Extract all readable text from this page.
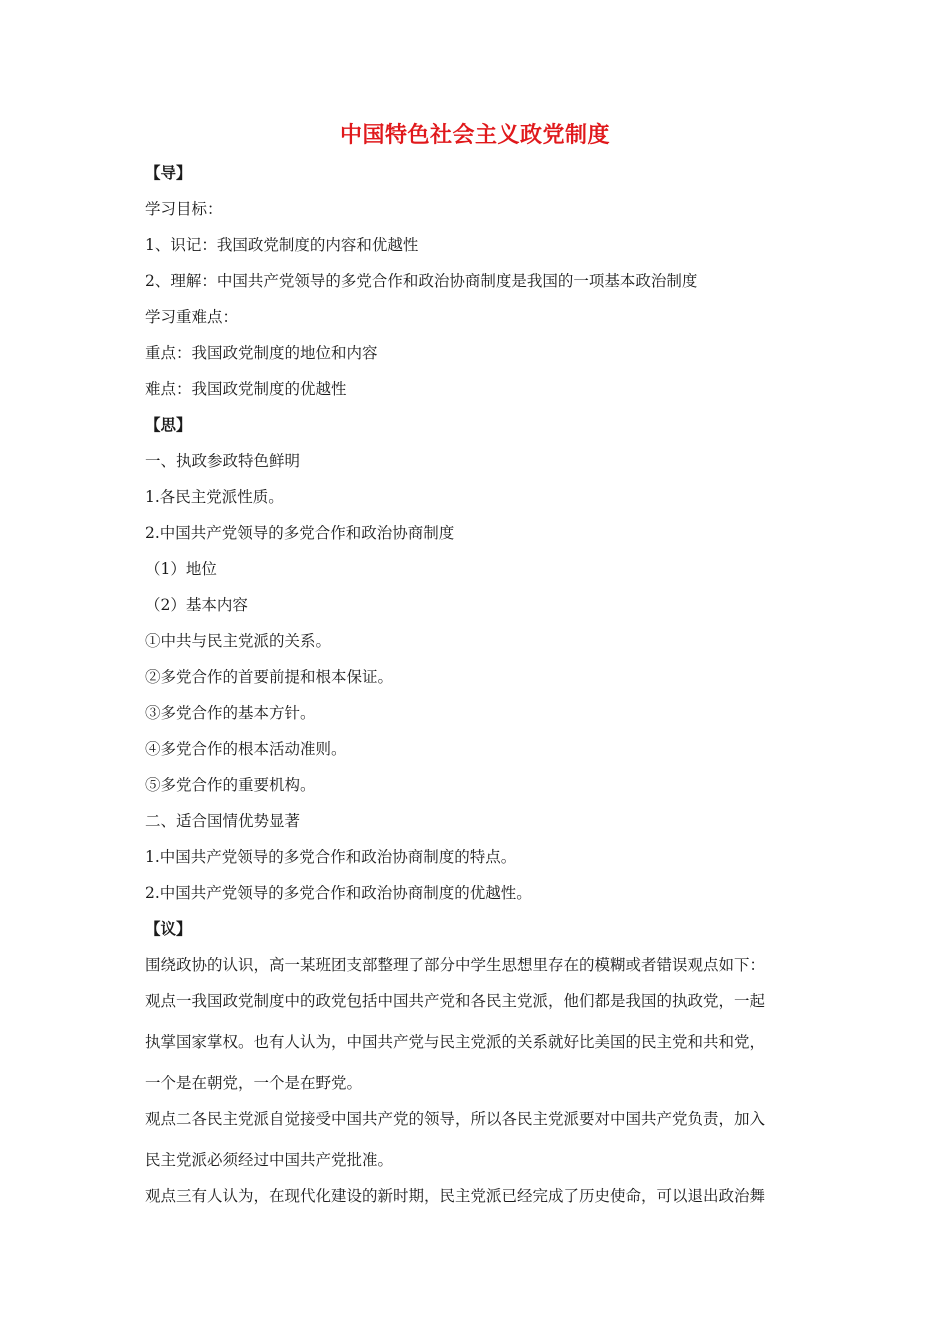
中国特色社会主义政党制度
【导】
学习目标：
1、识记：我国政党制度的内容和优越性
2、理解：中国共产党领导的多党合作和政治协商制度是我国的一项基本政治制度
学习重难点：
重点：我国政党制度的地位和内容
难点：我国政党制度的优越性
【思】
一、执政参政特色鲜明
1.各民主党派性质。
2.中国共产党领导的多党合作和政治协商制度
（1）地位
（2）基本内容
①中共与民主党派的关系。
②多党合作的首要前提和根本保证。
③多党合作的基本方针。
④多党合作的根本活动准则。
⑤多党合作的重要机构。
二、适合国情优势显著
1.中国共产党领导的多党合作和政治协商制度的特点。
2.中国共产党领导的多党合作和政治协商制度的优越性。
【议】
围绕政协的认识，高一某班团支部整理了部分中学生思想里存在的模糊或者错误观点如下：
观点一我国政党制度中的政党包括中国共产党和各民主党派，他们都是我国的执政党，一起
执掌国家掌权。也有人认为，中国共产党与民主党派的关系就好比美国的民主党和共和党，
一个是在朝党，一个是在野党。
观点二各民主党派自觉接受中国共产党的领导，所以各民主党派要对中国共产党负责，加入
民主党派必须经过中国共产党批准。
观点三有人认为，在现代化建设的新时期，民主党派已经完成了历史使命，可以退出政治舞
